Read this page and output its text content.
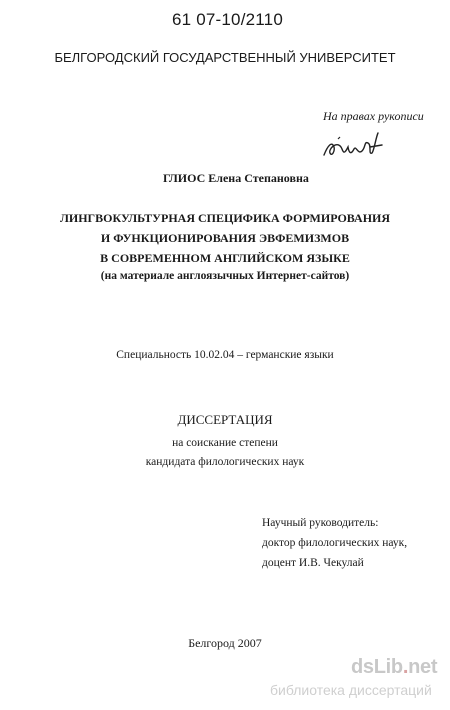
61 07-10/2110
БЕЛГОРОДСКИЙ ГОСУДАРСТВЕННЫЙ УНИВЕРСИТЕТ
На правах рукописи
ГЛИОС Елена Степановна
ЛИНГВОКУЛЬТУРНАЯ СПЕЦИФИКА ФОРМИРОВАНИЯ
И ФУНКЦИОНИРОВАНИЯ ЭВФЕМИЗМОВ
В СОВРЕМЕННОМ АНГЛИЙСКОМ ЯЗЫКЕ
(на материале англоязычных Интернет-сайтов)
Специальность 10.02.04 – германские языки
ДИССЕРТАЦИЯ
на соискание степени
кандидата филологических наук
Научный руководитель:
доктор филологических наук,
доцент И.В. Чекулай
Белгород 2007
dsLib.net
библиотека диссертаций
